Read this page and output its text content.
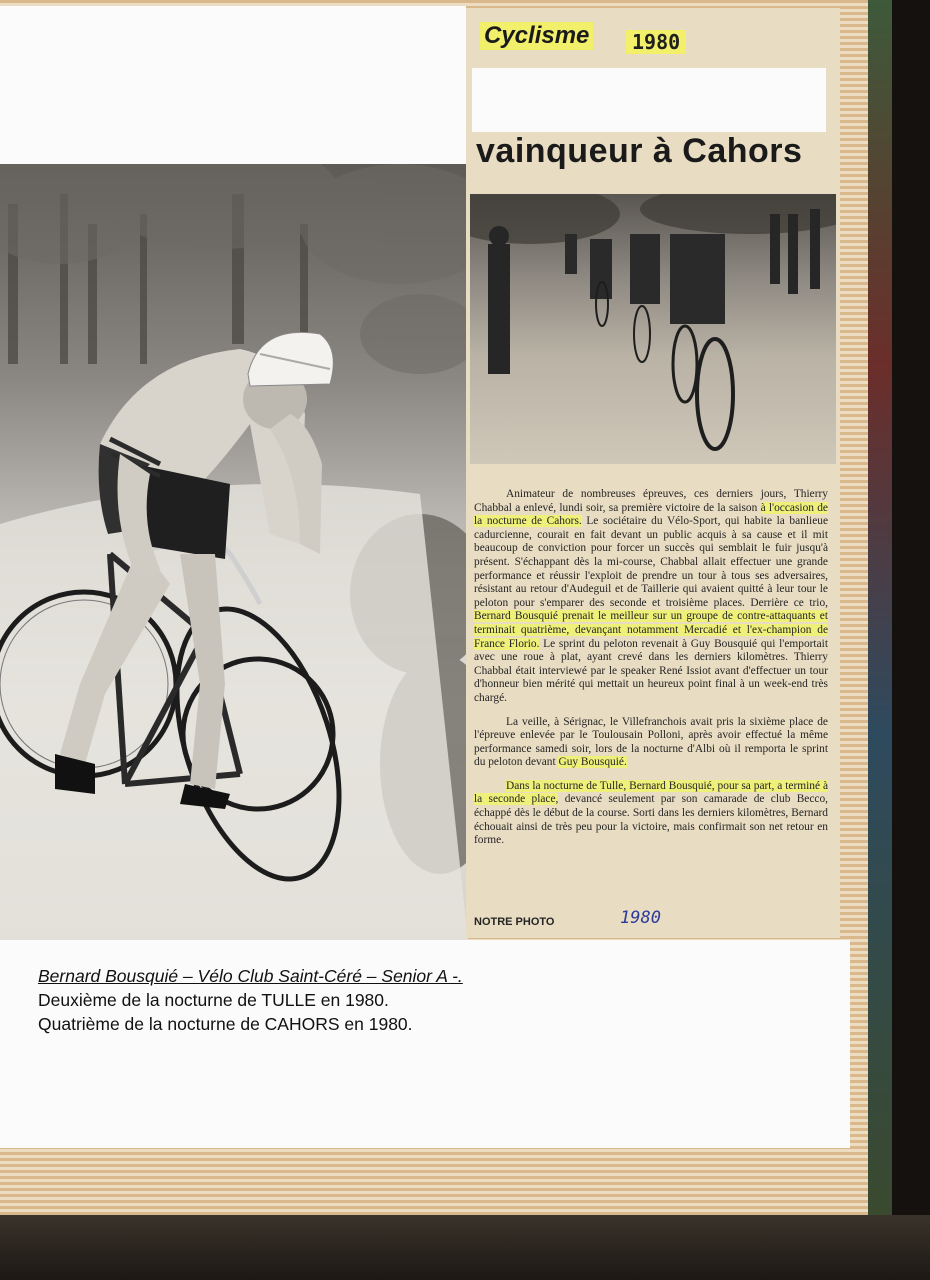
Cyclisme	1980
vainqueur à Cahors

Animateur de nombreuses épreuves, ces derniers jours, Thierry Chabbal a enlevé, lundi soir, sa première victoire de la saison à l'occasion de la nocturne de Cahors. Le sociétaire du Vélo-Sport, qui habite la banlieue cadurcienne, courait en fait devant un public acquis à sa cause et il mit beaucoup de conviction pour forcer un succès qui semblait le fuir jusqu'à présent. S'échappant dès la mi-course, Chabbal allait effectuer une grande performance et réussir l'exploit de prendre un tour à tous ses adversaires, résistant au retour d'Audeguil et de Taillerie qui avaient quitté à leur tour le peloton pour s'emparer des seconde et troisième places. Derrière ce trio, Bernard Bousquié prenait le meilleur sur un groupe de contre-attaquants et terminait quatrième, devançant notamment Mercadié et l'ex-champion de France Florio. Le sprint du peloton revenait à Guy Bousquié qui l'emportait avec une roue à plat, ayant crevé dans les derniers kilomètres. Thierry Chabbal était interviewé par le speaker René Issiot avant d'effectuer un tour d'honneur bien mérité qui mettait un heureux point final à un week-end très chargé.

La veille, à Sérignac, le Villefranchois avait pris la sixième place de l'épreuve enlevée par le Toulousain Polloni, après avoir effectué la même performance samedi soir, lors de la nocturne d'Albi où il remporta le sprint du peloton devant Guy Bousquié.

Dans la nocturne de Tulle, Bernard Bousquié, pour sa part, a terminé à la seconde place, devancé seulement par son camarade de club Becco, échappé dès le début de la course. Sorti dans les derniers kilomètres, Bernard échouait ainsi de très peu pour la victoire, mais confirmait son net retour en forme.

NOTRE PHOTO	1980
Bernard Bousquié – Vélo Club Saint-Céré – Senior A -.
Deuxième de la nocturne de TULLE en 1980.
Quatrième de la nocturne de CAHORS en 1980.
